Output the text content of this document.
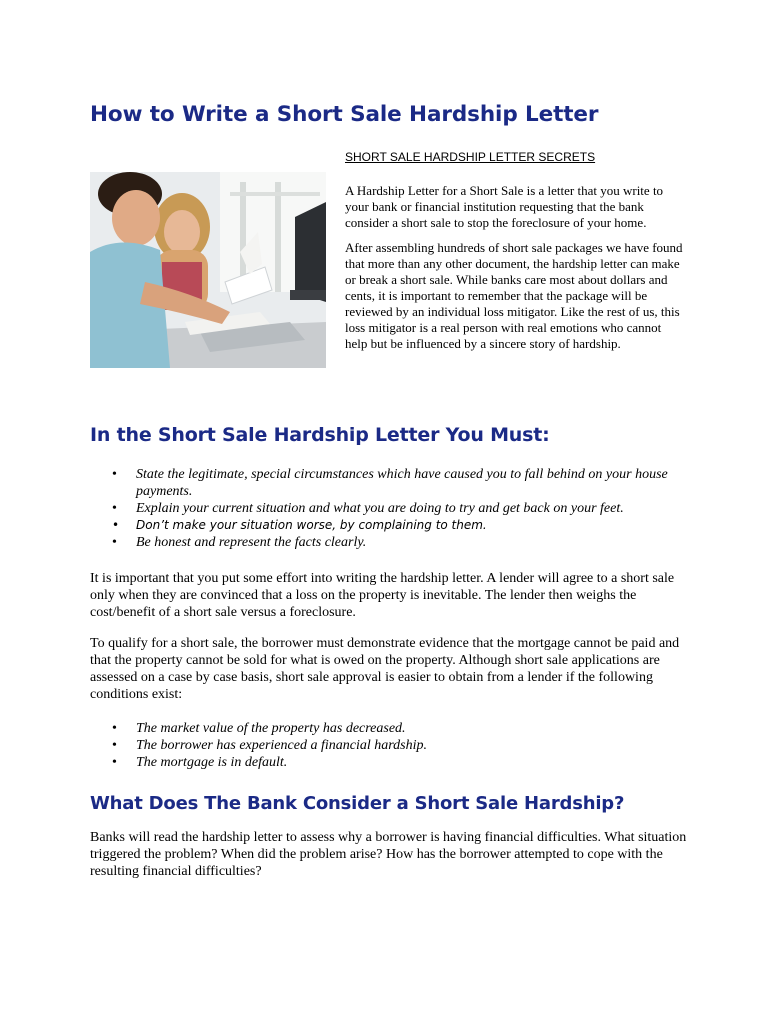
How to Write a Short Sale Hardship Letter
SHORT SALE HARDSHIP LETTER SECRETS

A Hardship Letter for a Short Sale is a letter that you write to your bank or financial institution requesting that the bank consider a short sale to stop the foreclosure of your home.

After assembling hundreds of short sale packages we have found that more than any other document, the hardship letter can make or break a short sale. While banks care most about dollars and cents, it is important to remember that the package will be reviewed by an individual loss mitigator. Like the rest of us, this loss mitigator is a real person with real emotions who cannot help but be influenced by a sincere story of hardship.

In the Short Sale Hardship Letter You Must:
• State the legitimate, special circumstances which have caused you to fall behind on your house payments.
• Explain your current situation and what you are doing to try and get back on your feet.
• Don’t make your situation worse, by complaining to them.
• Be honest and represent the facts clearly.

It is important that you put some effort into writing the hardship letter. A lender will agree to a short sale only when they are convinced that a loss on the property is inevitable. The lender then weighs the cost/benefit of a short sale versus a foreclosure.

To qualify for a short sale, the borrower must demonstrate evidence that the mortgage cannot be paid and that the property cannot be sold for what is owed on the property. Although short sale applications are assessed on a case by case basis, short sale approval is easier to obtain from a lender if the following conditions exist:

• The market value of the property has decreased.
• The borrower has experienced a financial hardship.
• The mortgage is in default.
What Does The Bank Consider a Short Sale Hardship?

Banks will read the hardship letter to assess why a borrower is having financial difficulties. What situation triggered the problem? When did the problem arise? How has the borrower attempted to cope with the resulting financial difficulties?
